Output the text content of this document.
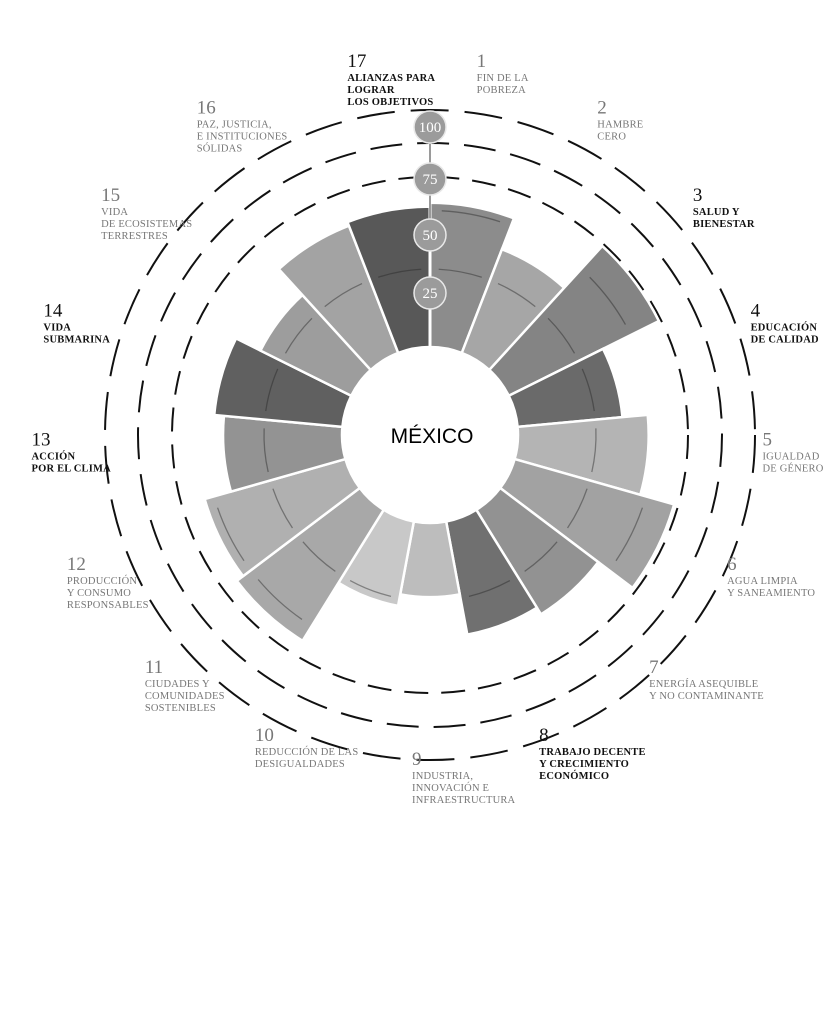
25
50
75
100
1
FIN DE LA
POBREZA
2
HAMBRE
CERO
3
SALUD Y
BIENESTAR
4
EDUCACIÓN
DE CALIDAD
5
IGUALDAD
DE GÉNERO
6
AGUA LIMPIA
Y SANEAMIENTO
7
ENERGÍA ASEQUIBLE
Y NO CONTAMINANTE
8
TRABAJO DECENTE
Y CRECIMIENTO
ECONÓMICO
9
INDUSTRIA,
INNOVACIÓN E
INFRAESTRUCTURA
10
REDUCCIÓN DE LAS
DESIGUALDADES
11
CIUDADES Y
COMUNIDADES
SOSTENIBLES
12
PRODUCCIÓN
Y CONSUMO
RESPONSABLES
13
ACCIÓN
POR EL CLIMA
14
VIDA
SUBMARINA
15
VIDA
DE ECOSISTEMAS
TERRESTRES
16
PAZ, JUSTICIA,
E INSTITUCIONES
SÓLIDAS
17
ALIANZAS PARA
LOGRAR
LOS OBJETIVOS
MÉXICO
